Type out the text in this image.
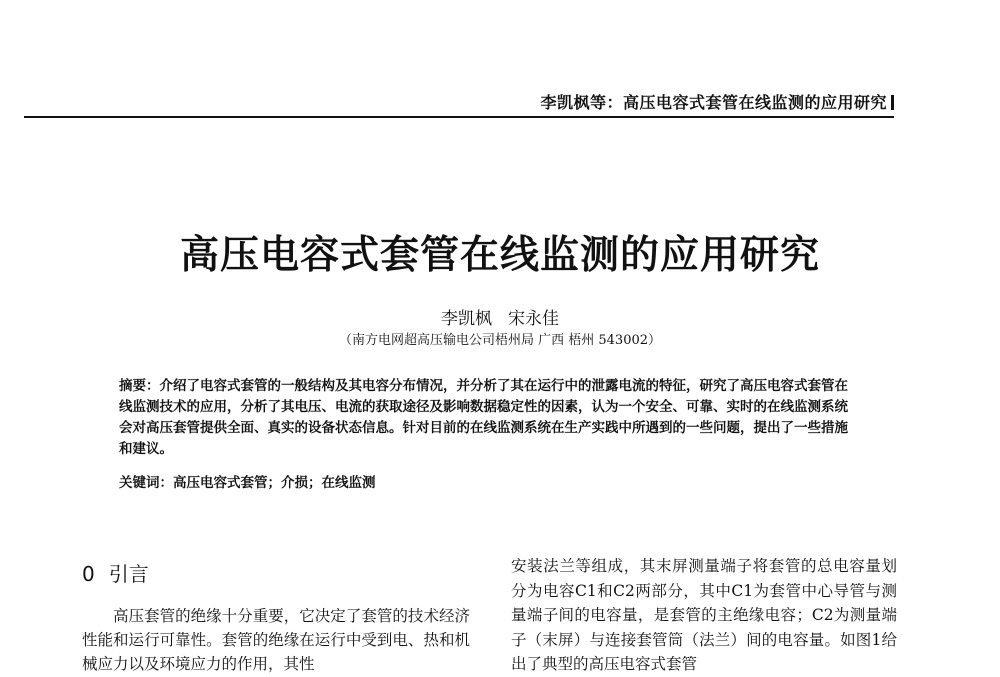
李凯枫等：高压电容式套管在线监测的应用研究
高压电容式套管在线监测的应用研究
李凯枫 宋永佳
（南方电网超高压输电公司梧州局 广西 梧州 543002）
摘要：介绍了电容式套管的一般结构及其电容分布情况，并分析了其在运行中的泄露电流的特征，研究了高压电容式套管在线监测技术的应用，分析了其电压、电流的获取途径及影响数据稳定性的因素，认为一个安全、可靠、实时的在线监测系统会对高压套管提供全面、真实的设备状态信息。针对目前的在线监测系统在生产实践中所遇到的一些问题，提出了一些措施和建议。
关键词：高压电容式套管；介损；在线监测
0 引言

高压套管的绝缘十分重要，它决定了套管的技术经济性能和运行可靠性。套管的绝缘在运行中受到电、热和机械应力以及环境应力的作用，其性

安装法兰等组成，其末屏测量端子将套管的总电容量划分为电容C1和C2两部分，其中C1为套管中心导管与测量端子间的电容量，是套管的主绝缘电容；C2为测量端子（末屏）与连接套管筒（法兰）间的电容量。如图1给出了典型的高压电容式套管
